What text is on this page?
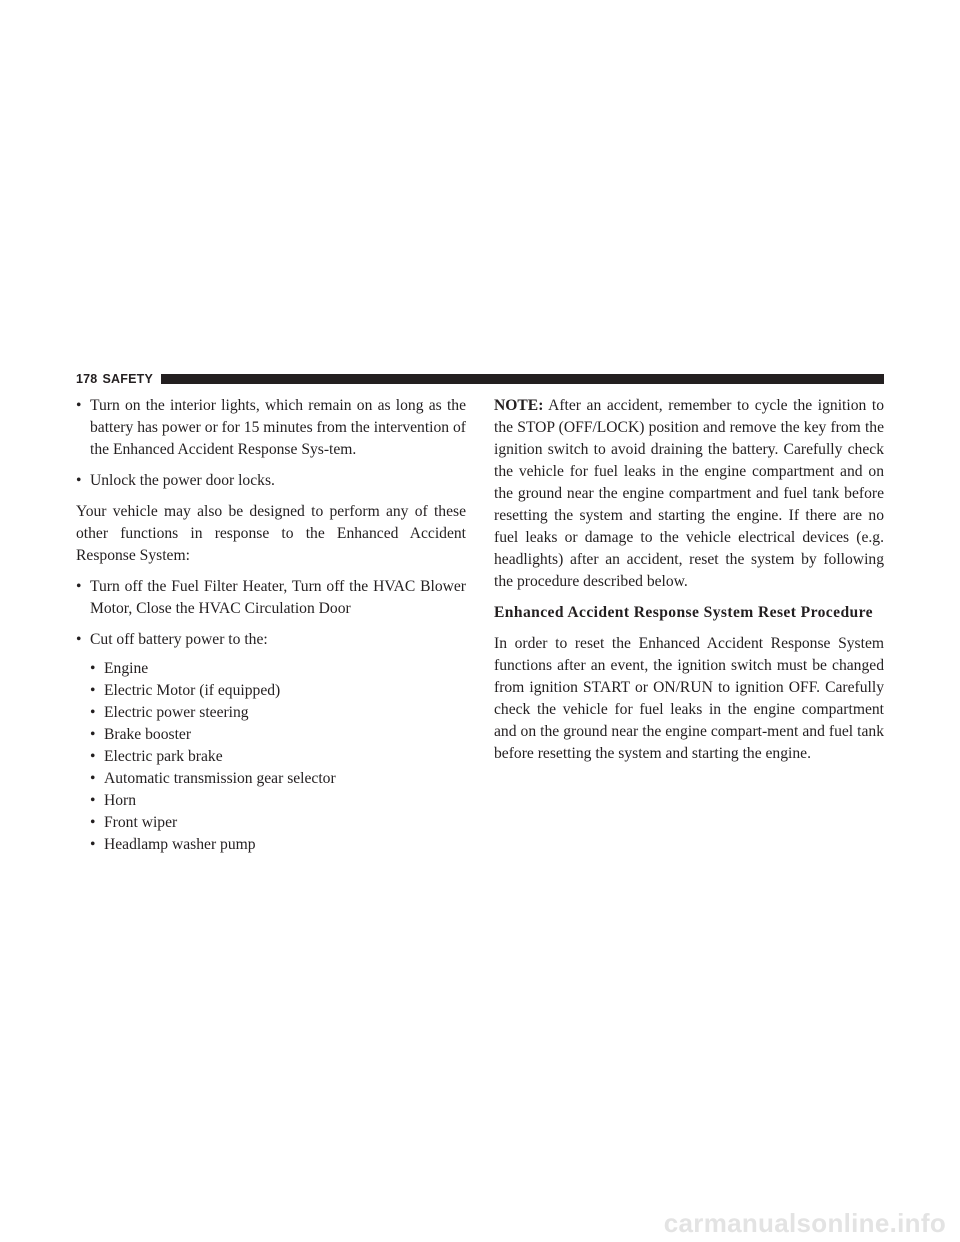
178 SAFETY
• Turn on the interior lights, which remain on as long as the battery has power or for 15 minutes from the intervention of the Enhanced Accident Response Sys-tem.
• Unlock the power door locks.

Your vehicle may also be designed to perform any of these other functions in response to the Enhanced Accident Response System:

• Turn off the Fuel Filter Heater, Turn off the HVAC Blower Motor, Close the HVAC Circulation Door
• Cut off battery power to the:
• Engine
• Electric Motor (if equipped)
• Electric power steering
• Brake booster
• Electric park brake
• Automatic transmission gear selector
• Horn
• Front wiper
• Headlamp washer pump

NOTE: After an accident, remember to cycle the ignition to the STOP (OFF/LOCK) position and remove the key from the ignition switch to avoid draining the battery. Carefully check the vehicle for fuel leaks in the engine compartment and on the ground near the engine compartment and fuel tank before resetting the system and starting the engine. If there are no fuel leaks or damage to the vehicle electrical devices (e.g. headlights) after an accident, reset the system by following the procedure described below.

Enhanced Accident Response System Reset Procedure

In order to reset the Enhanced Accident Response System functions after an event, the ignition switch must be changed from ignition START or ON/RUN to ignition OFF. Carefully check the vehicle for fuel leaks in the engine compartment and on the ground near the engine compart-ment and fuel tank before resetting the system and starting the engine.

carmanualsonline.info
